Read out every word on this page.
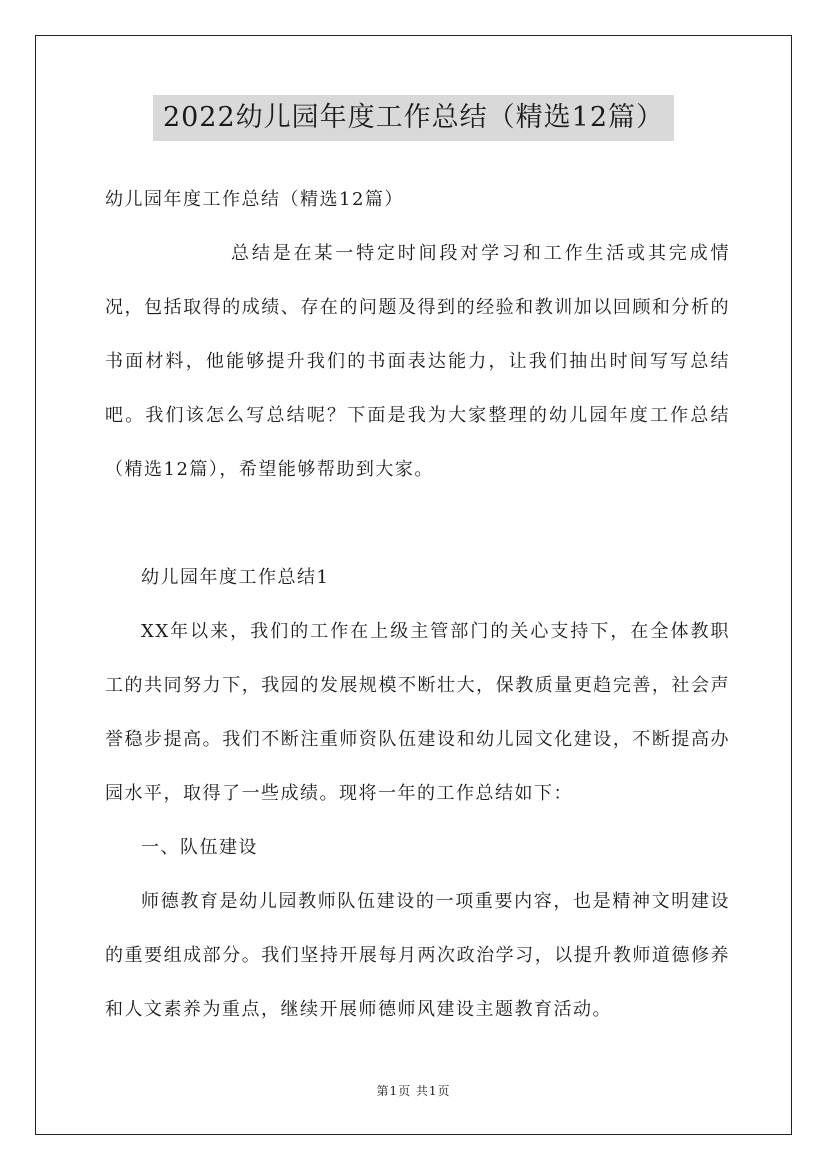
2022幼儿园年度工作总结（精选12篇）

幼儿园年度工作总结（精选12篇）

总结是在某一特定时间段对学习和工作生活或其完成情况，包括取得的成绩、存在的问题及得到的经验和教训加以回顾和分析的书面材料，他能够提升我们的书面表达能力，让我们抽出时间写写总结吧。我们该怎么写总结呢？下面是我为大家整理的幼儿园年度工作总结（精选12篇），希望能够帮助到大家。

幼儿园年度工作总结1

XX年以来，我们的工作在上级主管部门的关心支持下，在全体教职工的共同努力下，我园的发展规模不断壮大，保教质量更趋完善，社会声誉稳步提高。我们不断注重师资队伍建设和幼儿园文化建设，不断提高办园水平，取得了一些成绩。现将一年的工作总结如下：

一、队伍建设

师德教育是幼儿园教师队伍建设的一项重要内容，也是精神文明建设的重要组成部分。我们坚持开展每月两次政治学习，以提升教师道德修养和人文素养为重点，继续开展师德师风建设主题教育活动。

第1页 共1页
